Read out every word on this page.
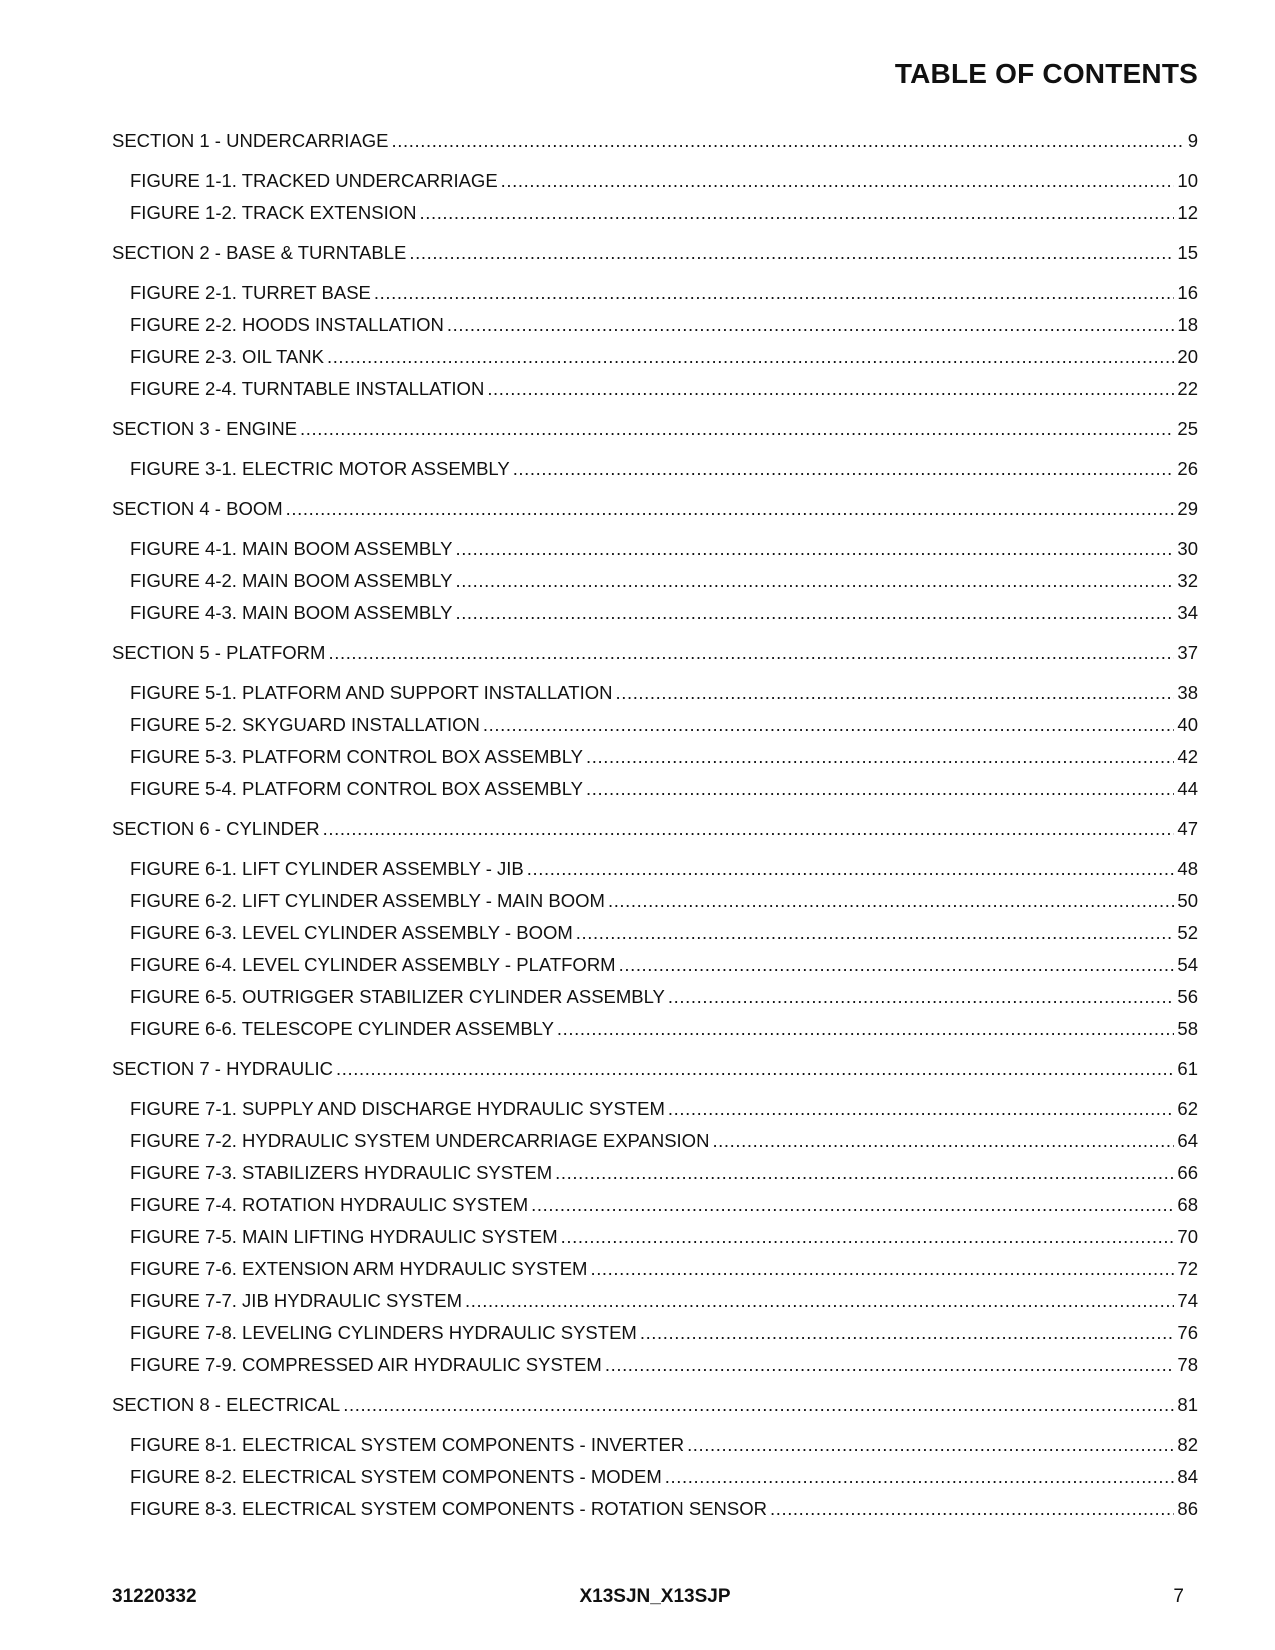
TABLE OF CONTENTS
SECTION 1 - UNDERCARRIAGE .....	9
FIGURE 1-1. TRACKED UNDERCARRIAGE .....	10
FIGURE 1-2. TRACK EXTENSION .....	12
SECTION 2 - BASE & TURNTABLE .....	15
FIGURE 2-1. TURRET BASE .....	16
FIGURE 2-2. HOODS INSTALLATION .....	18
FIGURE 2-3. OIL TANK .....	20
FIGURE 2-4. TURNTABLE INSTALLATION .....	22
SECTION 3 - ENGINE .....	25
FIGURE 3-1. ELECTRIC MOTOR ASSEMBLY .....	26
SECTION 4 - BOOM .....	29
FIGURE 4-1. MAIN BOOM ASSEMBLY .....	30
FIGURE 4-2. MAIN BOOM ASSEMBLY .....	32
FIGURE 4-3. MAIN BOOM ASSEMBLY .....	34
SECTION 5 - PLATFORM .....	37
FIGURE 5-1. PLATFORM AND SUPPORT INSTALLATION .....	38
FIGURE 5-2. SKYGUARD INSTALLATION .....	40
FIGURE 5-3. PLATFORM CONTROL BOX ASSEMBLY .....	42
FIGURE 5-4. PLATFORM CONTROL BOX ASSEMBLY .....	44
SECTION 6 - CYLINDER .....	47
FIGURE 6-1. LIFT CYLINDER ASSEMBLY - JIB .....	48
FIGURE 6-2. LIFT CYLINDER ASSEMBLY - MAIN BOOM .....	50
FIGURE 6-3. LEVEL CYLINDER ASSEMBLY - BOOM .....	52
FIGURE 6-4. LEVEL CYLINDER ASSEMBLY - PLATFORM .....	54
FIGURE 6-5. OUTRIGGER STABILIZER CYLINDER ASSEMBLY .....	56
FIGURE 6-6. TELESCOPE CYLINDER ASSEMBLY .....	58
SECTION 7 - HYDRAULIC .....	61
FIGURE 7-1. SUPPLY AND DISCHARGE HYDRAULIC SYSTEM .....	62
FIGURE 7-2. HYDRAULIC SYSTEM UNDERCARRIAGE EXPANSION .....	64
FIGURE 7-3. STABILIZERS HYDRAULIC SYSTEM .....	66
FIGURE 7-4. ROTATION HYDRAULIC SYSTEM .....	68
FIGURE 7-5. MAIN LIFTING HYDRAULIC SYSTEM .....	70
FIGURE 7-6. EXTENSION ARM HYDRAULIC SYSTEM .....	72
FIGURE 7-7. JIB HYDRAULIC SYSTEM .....	74
FIGURE 7-8. LEVELING CYLINDERS HYDRAULIC SYSTEM .....	76
FIGURE 7-9. COMPRESSED AIR HYDRAULIC SYSTEM .....	78
SECTION 8 - ELECTRICAL .....	81
FIGURE 8-1. ELECTRICAL SYSTEM COMPONENTS - INVERTER .....	82
FIGURE 8-2. ELECTRICAL SYSTEM COMPONENTS - MODEM .....	84
FIGURE 8-3. ELECTRICAL SYSTEM COMPONENTS - ROTATION SENSOR .....	86
31220332	X13SJN_X13SJP	7
